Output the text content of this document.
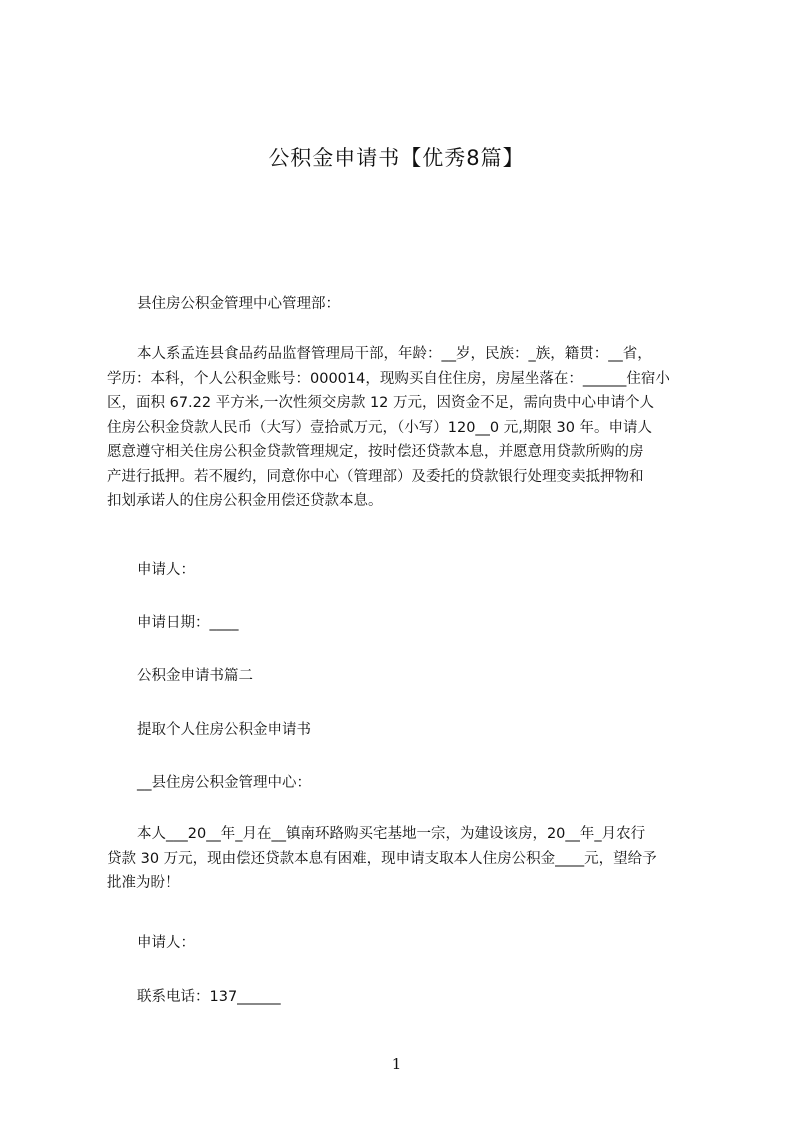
公积金申请书【优秀8篇】

县住房公积金管理中心管理部：

本人系孟连县食品药品监督管理局干部，年龄：__岁，民族：_族，籍贯：__省，
学历：本科，个人公积金账号：000014，现购买自住住房，房屋坐落在：______住宿小
区，面积 67.22 平方米,一次性须交房款 12 万元，因资金不足，需向贵中心申请个人
住房公积金贷款人民币（大写）壹拾贰万元，（小写）120__0 元,期限 30 年。申请人
愿意遵守相关住房公积金贷款管理规定，按时偿还贷款本息，并愿意用贷款所购的房
产进行抵押。若不履约，同意你中心（管理部）及委托的贷款银行处理变卖抵押物和
扣划承诺人的住房公积金用偿还贷款本息。

申请人：

申请日期：____

公积金申请书篇二

提取个人住房公积金申请书

__县住房公积金管理中心：

本人___20__年_月在__镇南环路购买宅基地一宗，为建设该房，20__年_月农行
贷款 30 万元，现由偿还贷款本息有困难，现申请支取本人住房公积金____元，望给予
批准为盼！

申请人：

联系电话：137______

1
